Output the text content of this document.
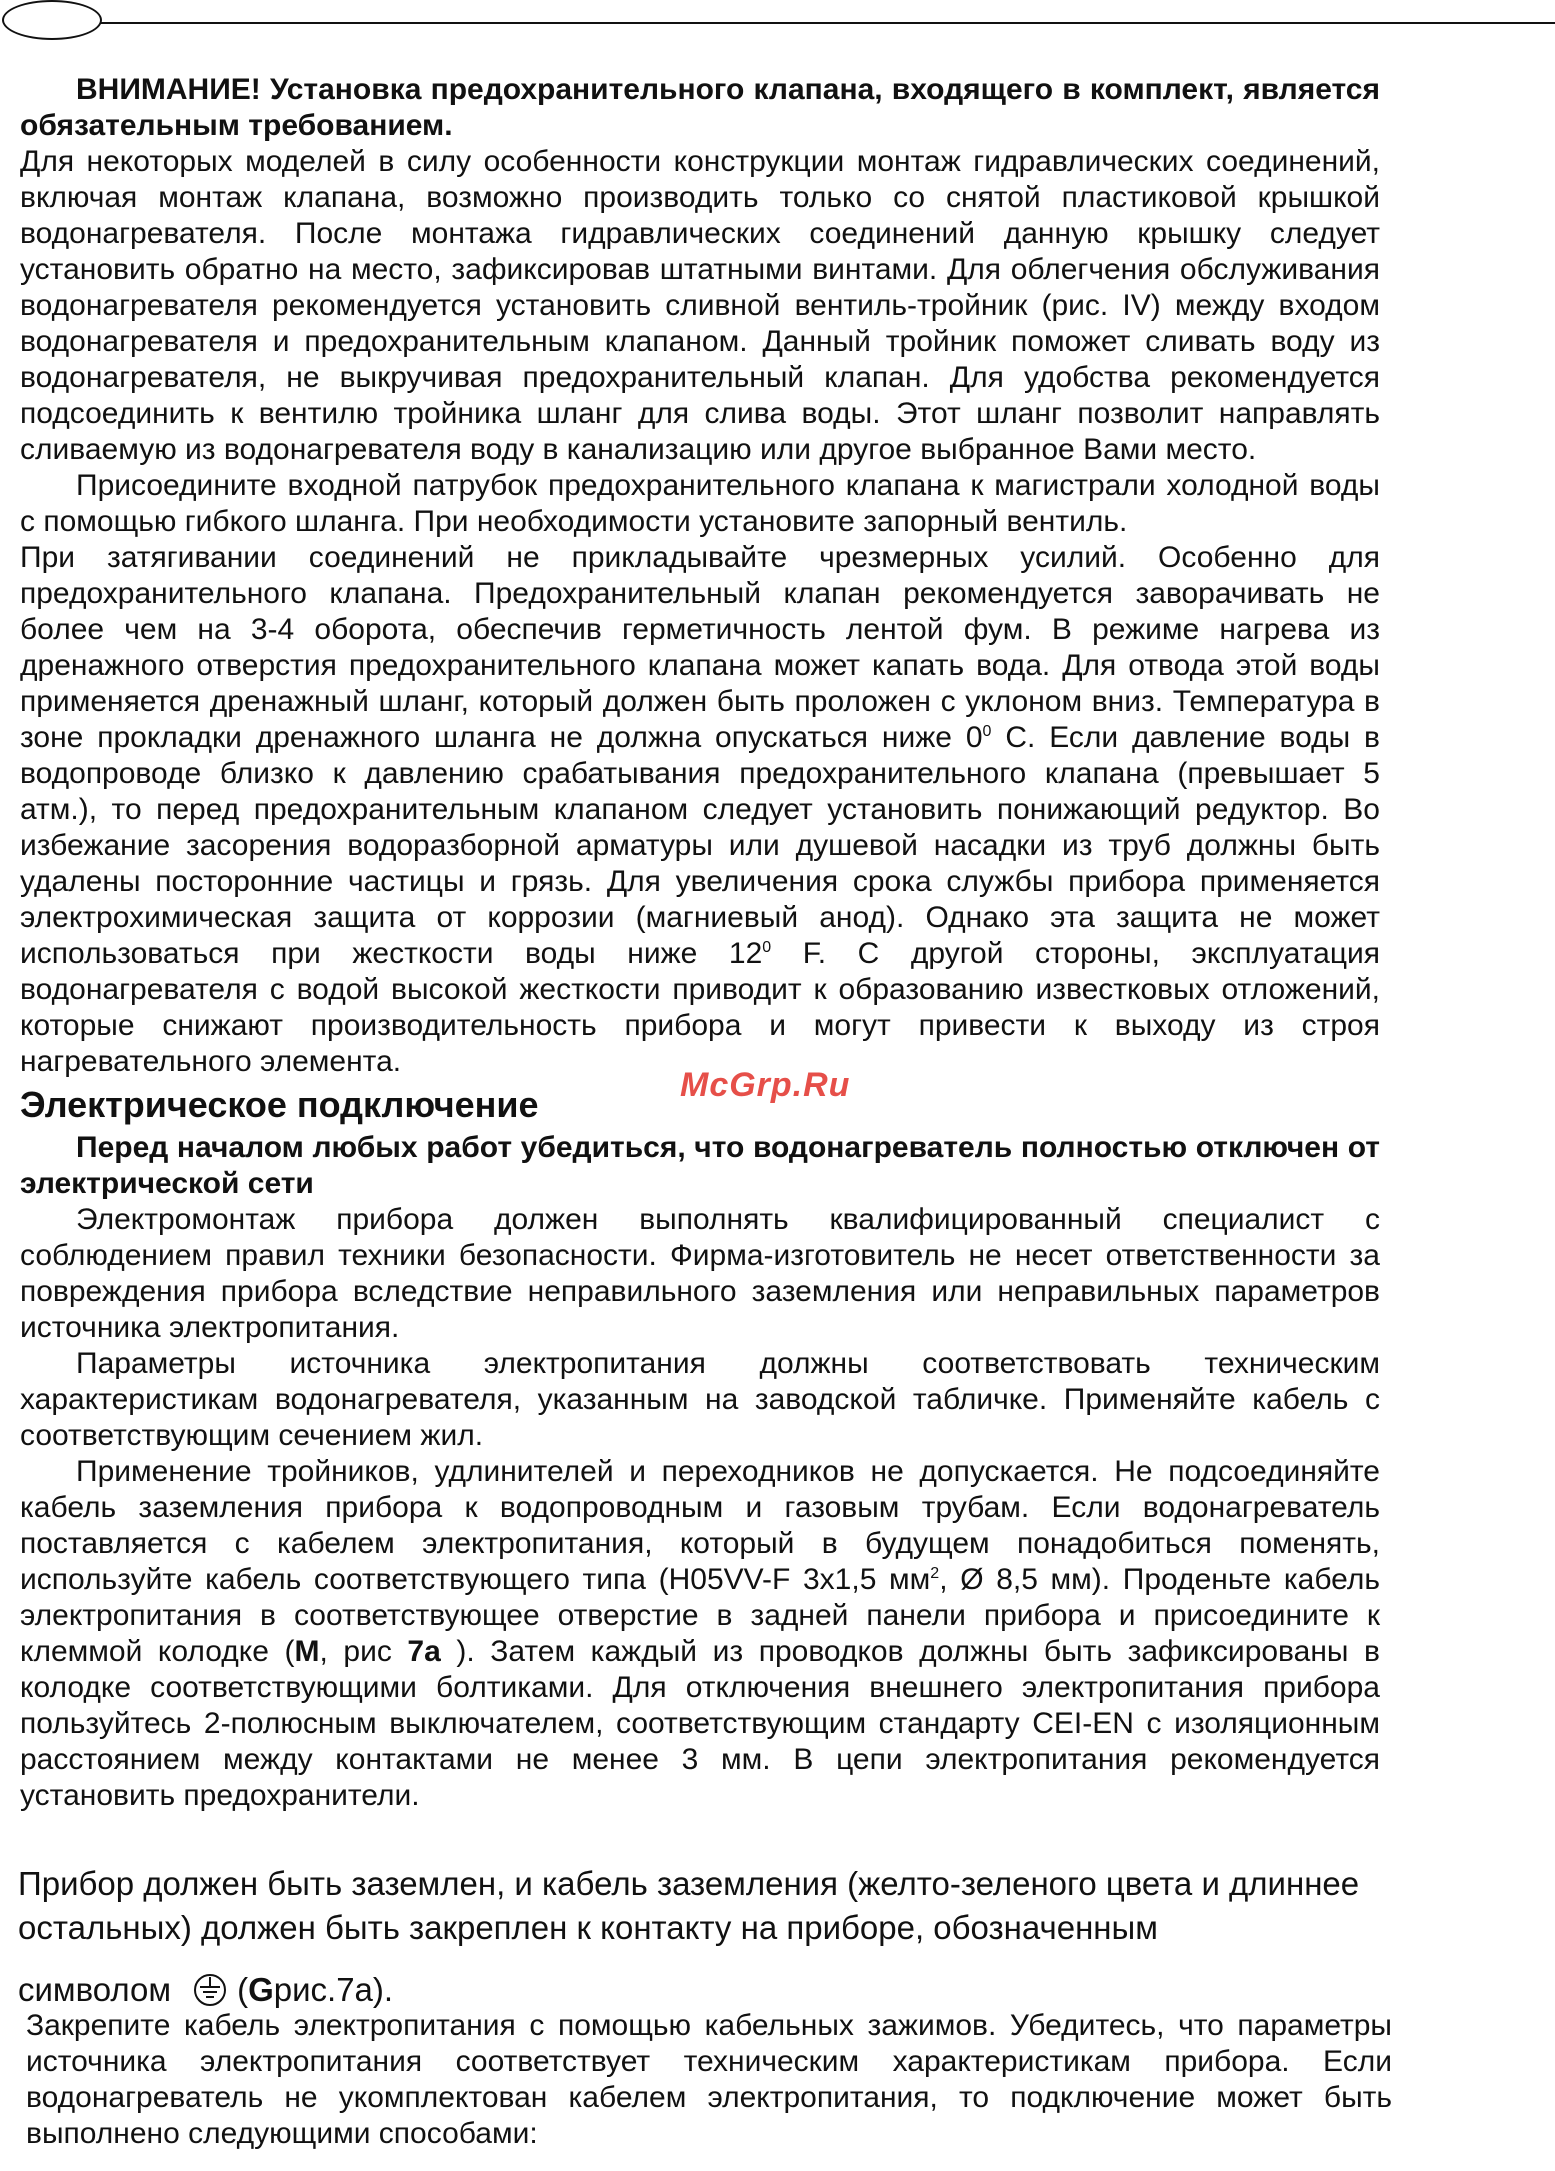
ВНИМАНИЕ! Установка предохранительного клапана, входящего в комплект, является обязательным требованием.

Для некоторых моделей в силу особенности конструкции монтаж гидравлических соединений, включая монтаж клапана, возможно производить только со снятой пластиковой крышкой водонагревателя. После монтажа гидравлических соединений данную крышку следует установить обратно на место, зафиксировав штатными винтами. Для облегчения обслуживания водонагревателя рекомендуется установить сливной вентиль-тройник (рис. IV) между входом водонагревателя и предохранительным клапаном. Данный тройник поможет сливать воду из водонагревателя, не выкручивая предохранительный клапан. Для удобства рекомендуется подсоединить к вентилю тройника шланг для слива воды. Этот шланг позволит направлять сливаемую из водонагревателя воду в канализацию или другое выбранное Вами место.

Присоедините входной патрубок предохранительного клапана к магистрали холодной воды с помощью гибкого шланга. При необходимости установите запорный вентиль.

При затягивании соединений не прикладывайте чрезмерных усилий. Особенно для предохранительного клапана. Предохранительный клапан рекомендуется заворачивать не более чем на 3-4 оборота, обеспечив герметичность лентой фум. В режиме нагрева из дренажного отверстия предохранительного клапана может капать вода. Для отвода этой воды применяется дренажный шланг, который должен быть проложен с уклоном вниз. Температура в зоне прокладки дренажного шланга не должна опускаться ниже $0^0$ С. Если давление воды в водопроводе близко к давлению срабатывания предохранительного клапана (превышает 5 атм.), то перед предохранительным клапаном следует установить понижающий редуктор. Во избежание засорения водоразборной арматуры или душевой насадки из труб должны быть удалены посторонние частицы и грязь. Для увеличения срока службы прибора применяется электрохимическая защита от коррозии (магниевый анод). Однако эта защита не может использоваться при жесткости воды ниже $12^0$ F. С другой стороны, эксплуатация водонагревателя с водой высокой жесткости приводит к образованию известковых отложений, которые снижают производительность прибора и могут привести к выходу из строя нагревательного элемента.

Электрическое подключение

Перед началом любых работ убедиться, что водонагреватель полностью отключен от электрической сети

Электромонтаж прибора должен выполнять квалифицированный специалист с соблюдением правил техники безопасности. Фирма-изготовитель не несет ответственности за повреждения прибора вследствие неправильного заземления или неправильных параметров источника электропитания.

Параметры источника электропитания должны соответствовать техническим характеристикам водонагревателя, указанным на заводской табличке. Применяйте кабель с соответствующим сечением жил.

Применение тройников, удлинителей и переходников не допускается. Не подсоединяйте кабель заземления прибора к водопроводным и газовым трубам. Если водонагреватель поставляется с кабелем электропитания, который в будущем понадобиться поменять, используйте кабель соответствующего типа (H05VV-F 3x1,5 $мм^2$, Ø 8,5 мм). Проденьте кабель электропитания в соответствующее отверстие в задней панели прибора и присоедините к клеммой колодке (M, рис 7a ). Затем каждый из проводков должны быть зафиксированы в колодке соответствующими болтиками. Для отключения внешнего электропитания прибора пользуйтесь 2-полюсным выключателем, соответствующим стандарту CEI-EN с изоляционным расстоянием между контактами не менее 3 мм. В цепи электропитания рекомендуется установить предохранители.

McGrp.Ru

Прибор должен быть заземлен, и кабель заземления (желто-зеленого цвета и длиннее остальных) должен быть закреплен к контакту на приборе, обозначенным

символом ( G рис.7а).

Закрепите кабель электропитания с помощью кабельных зажимов. Убедитесь, что параметры источника электропитания соответствует техническим характеристикам прибора. Если водонагреватель не укомплектован кабелем электропитания, то подключение может быть выполнено следующими способами:
